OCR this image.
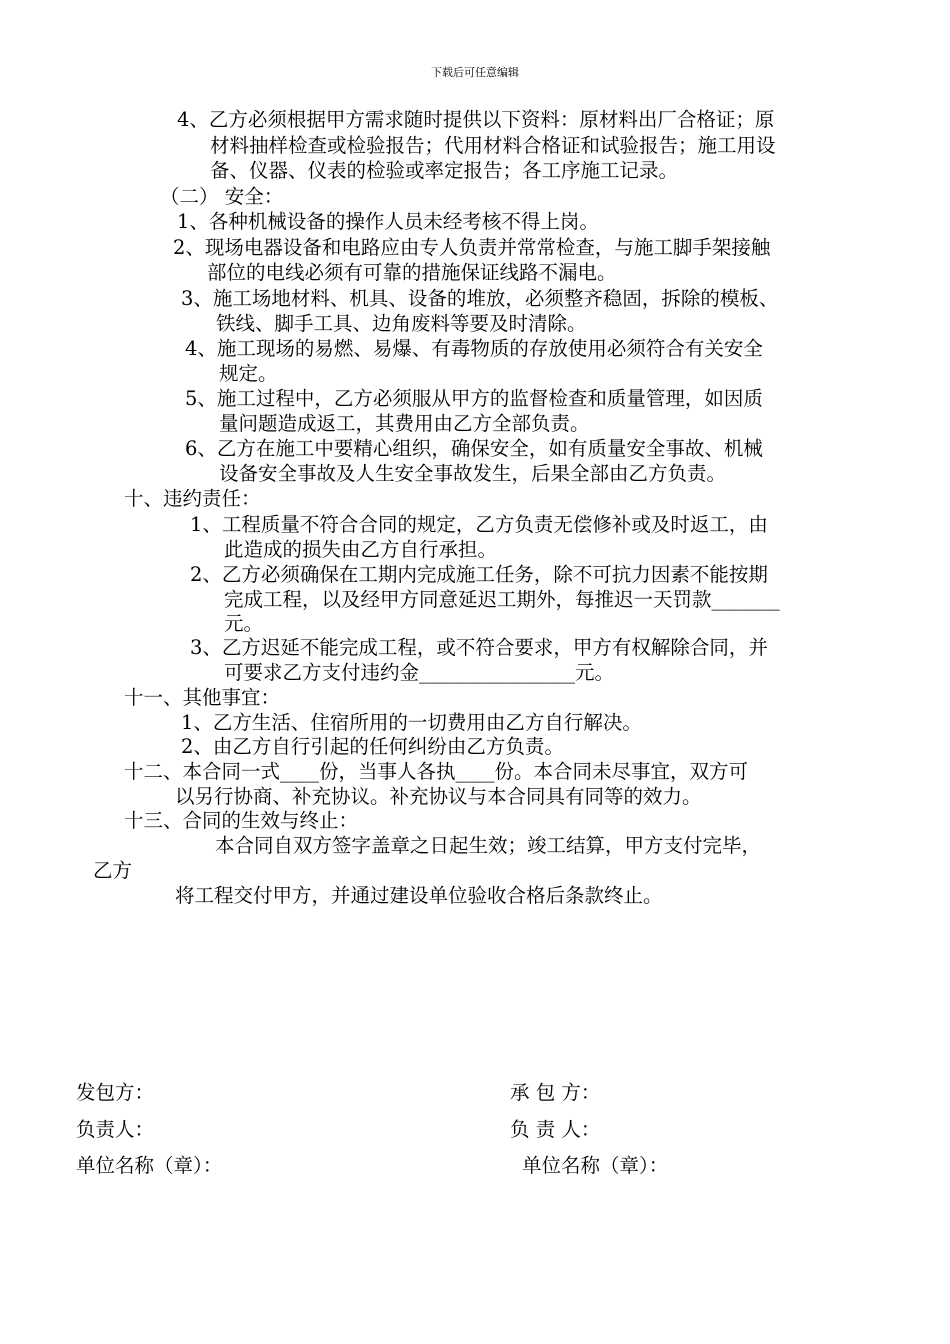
下载后可任意编辑
4、乙方必须根据甲方需求随时提供以下资料：原材料出厂合格证；原
材料抽样检查或检验报告；代用材料合格证和试验报告；施工用设
备、仪器、仪表的检验或率定报告；各工序施工记录。
（二） 安全：
1、各种机械设备的操作人员未经考核不得上岗。
2、现场电器设备和电路应由专人负责并常常检查，与施工脚手架接触
部位的电线必须有可靠的措施保证线路不漏电。
3、施工场地材料、机具、设备的堆放，必须整齐稳固，拆除的模板、
铁线、脚手工具、边角废料等要及时清除。
4、施工现场的易燃、易爆、有毒物质的存放使用必须符合有关安全
规定。
5、施工过程中，乙方必须服从甲方的监督检查和质量管理，如因质
量问题造成返工，其费用由乙方全部负责。
6、乙方在施工中要精心组织，确保安全，如有质量安全事故、机械
设备安全事故及人生安全事故发生，后果全部由乙方负责。
十、违约责任：
1、工程质量不符合合同的规定，乙方负责无偿修补或及时返工，由
此造成的损失由乙方自行承担。
2、乙方必须确保在工期内完成施工任务，除不可抗力因素不能按期
完成工程，以及经甲方同意延迟工期外，每推迟一天罚款_______
元。
3、乙方迟延不能完成工程，或不符合要求，甲方有权解除合同，并
可要求乙方支付违约金________________元。
十一、其他事宜：
1、乙方生活、住宿所用的一切费用由乙方自行解决。
2、由乙方自行引起的任何纠纷由乙方负责。
十二、本合同一式____份，当事人各执____份。本合同未尽事宜，双方可
以另行协商、补充协议。补充协议与本合同具有同等的效力。
十三、合同的生效与终止：
本合同自双方签字盖章之日起生效；竣工结算，甲方支付完毕，
乙方
将工程交付甲方，并通过建设单位验收合格后条款终止。
发包方：
负责人：
单位名称（章）：
承 包 方：
负 责 人：
单位名称（章）：
